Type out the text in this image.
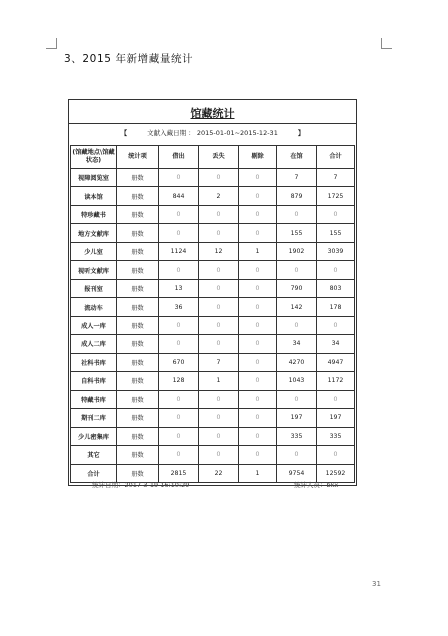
3、2015 年新增藏量统计
馆藏统计
【	文献入藏日期 ： 2015-01-01~2015-12-31	】
(馆藏地点\馆藏状态)	统计项	借出	丢失	剔除	在馆	合计
视障阅览室	册数	0	0	0	7	7
读本馆	册数	844	2	0	879	1725
特珍藏书	册数	0	0	0	0	0
地方文献库	册数	0	0	0	155	155
少儿室	册数	1124	12	1	1902	3039
视听文献库	册数	0	0	0	0	0
报刊室	册数	13	0	0	790	803
流动车	册数	36	0	0	142	178
成人一库	册数	0	0	0	0	0
成人二库	册数	0	0	0	34	34
社科书库	册数	670	7	0	4270	4947
自科书库	册数	128	1	0	1043	1172
特藏书库	册数	0	0	0	0	0
期刊二库	册数	0	0	0	197	197
少儿密集库	册数	0	0	0	335	335
其它	册数	0	0	0	0	0
合计	册数	2815	22	1	9754	12592
统计日期：2017-3-19 16:10:29	统计人员：bkx
31
